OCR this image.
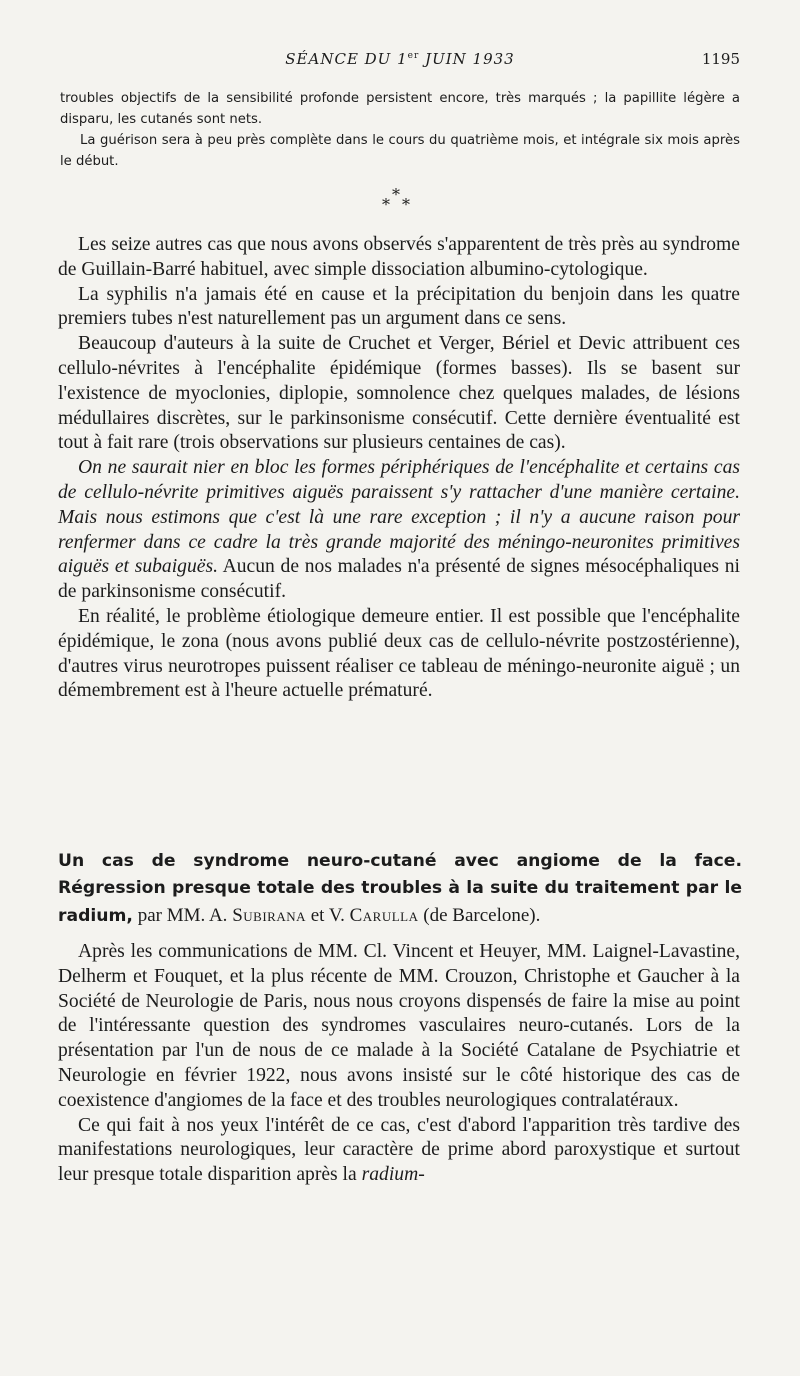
SÉANCE DU 1er JUIN 1933	1195

troubles objectifs de la sensibilité profonde persistent encore, très marqués ; la papillite légère a disparu, les cutanés sont nets.

La guérison sera à peu près complète dans le cours du quatrième mois, et intégrale six mois après le début.

*
* *

Les seize autres cas que nous avons observés s'apparentent de très près au syndrome de Guillain-Barré habituel, avec simple dissociation albumino-cytologique.

La syphilis n'a jamais été en cause et la précipitation du benjoin dans les quatre premiers tubes n'est naturellement pas un argument dans ce sens.

Beaucoup d'auteurs à la suite de Cruchet et Verger, Bériel et Devic attribuent ces cellulo-névrites à l'encéphalite épidémique (formes basses). Ils se basent sur l'existence de myoclonies, diplopie, somnolence chez quelques malades, de lésions médullaires discrètes, sur le parkinsonisme consécutif. Cette dernière éventualité est tout à fait rare (trois observations sur plusieurs centaines de cas).

On ne saurait nier en bloc les formes périphériques de l'encéphalite et certains cas de cellulo-névrite primitives aiguës paraissent s'y rattacher d'une manière certaine. Mais nous estimons que c'est là une rare exception ; il n'y a aucune raison pour renfermer dans ce cadre la très grande majorité des méningo-neuronites primitives aiguës et subaiguës. Aucun de nos malades n'a présenté de signes mésocéphaliques ni de parkinsonisme consécutif.

En réalité, le problème étiologique demeure entier. Il est possible que l'encéphalite épidémique, le zona (nous avons publié deux cas de cellulo-névrite postzostérienne), d'autres virus neurotropes puissent réaliser ce tableau de méningo-neuronite aiguë ; un démembrement est à l'heure actuelle prématuré.

Un cas de syndrome neuro-cutané avec angiome de la face. Régression presque totale des troubles à la suite du traitement par le radium, par MM. A. Subirana et V. Carulla (de Barcelone).

Après les communications de MM. Cl. Vincent et Heuyer, MM. Laignel-Lavastine, Delherm et Fouquet, et la plus récente de MM. Crouzon, Christophe et Gaucher à la Société de Neurologie de Paris, nous nous croyons dispensés de faire la mise au point de l'intéressante question des syndromes vasculaires neuro-cutanés. Lors de la présentation par l'un de nous de ce malade à la Société Catalane de Psychiatrie et Neurologie en février 1922, nous avons insisté sur le côté historique des cas de coexistence d'angiomes de la face et des troubles neurologiques contralatéraux.

Ce qui fait à nos yeux l'intérêt de ce cas, c'est d'abord l'apparition très tardive des manifestations neurologiques, leur caractère de prime abord paroxystique et surtout leur presque totale disparition après la radium-
